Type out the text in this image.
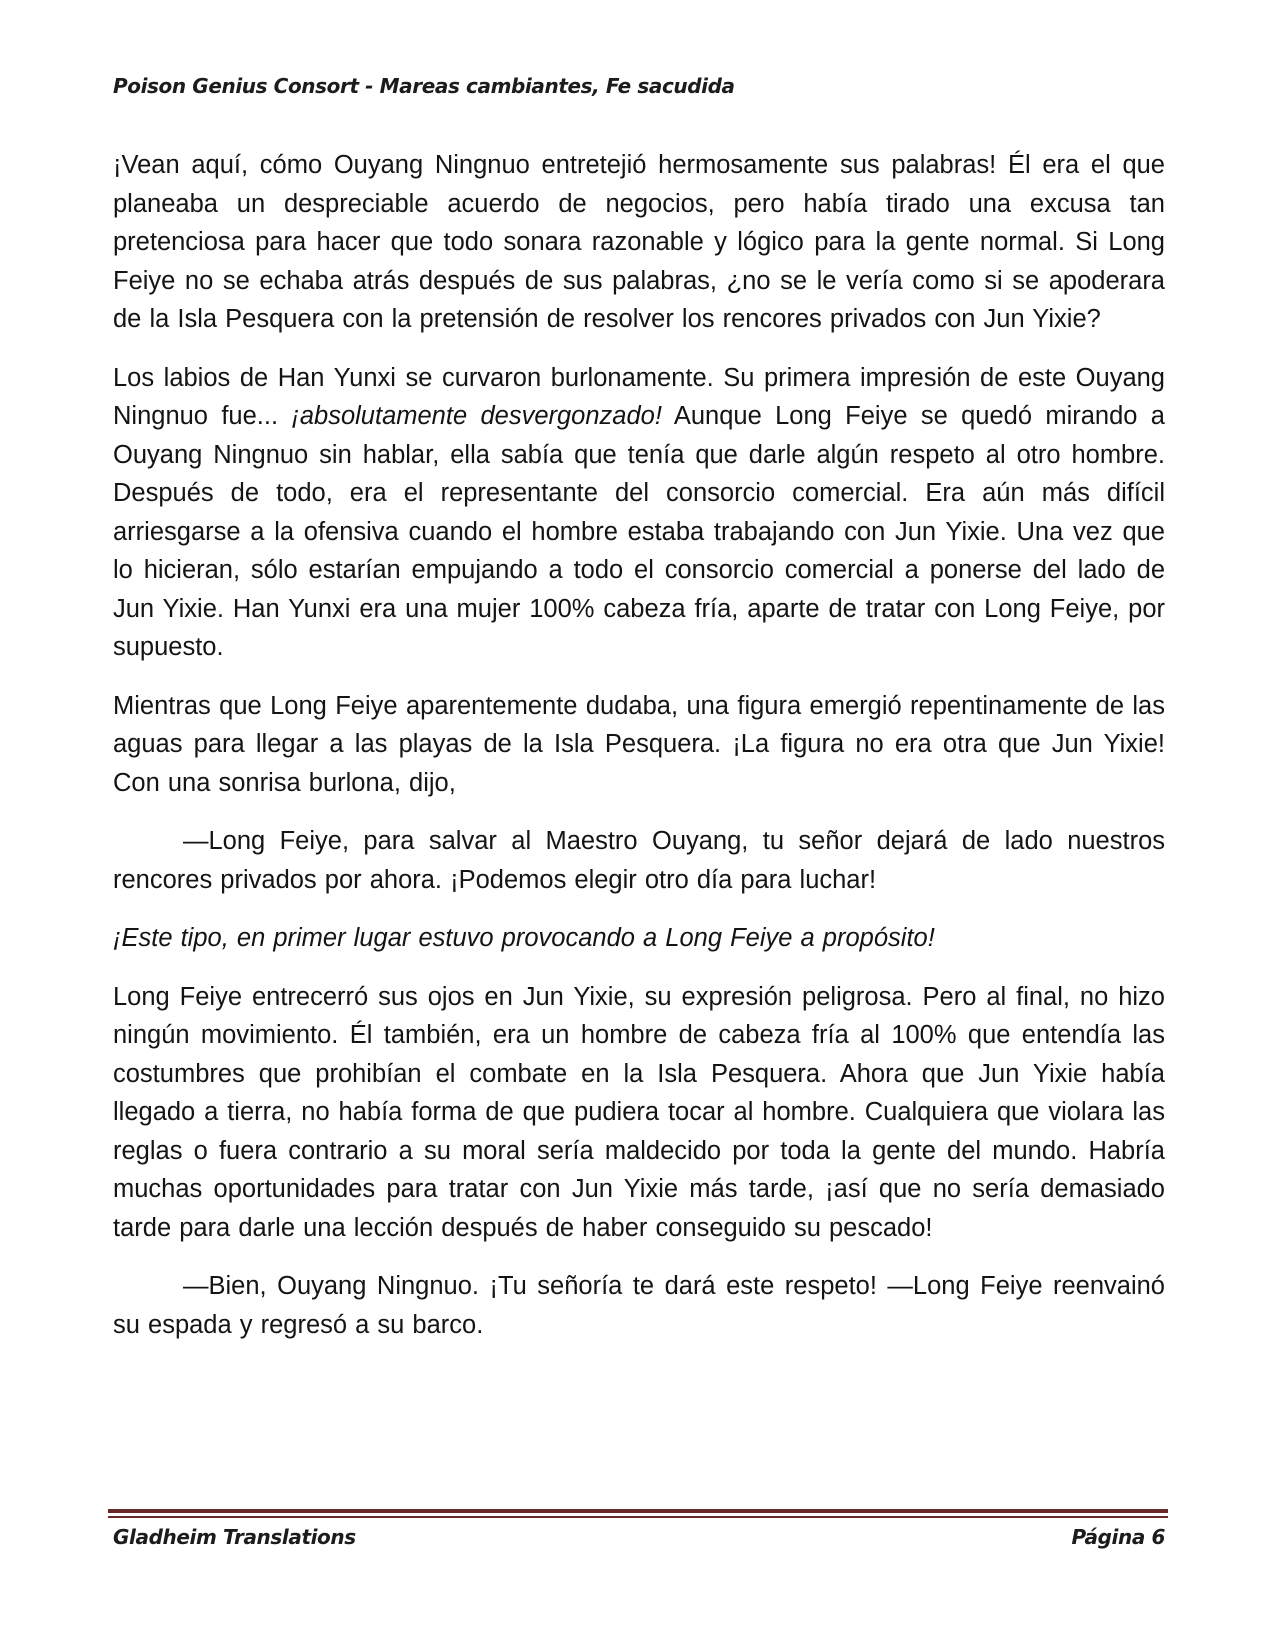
Poison Genius Consort - Mareas cambiantes, Fe sacudida

¡Vean aquí, cómo Ouyang Ningnuo entretejió hermosamente sus palabras! Él era el que planeaba un despreciable acuerdo de negocios, pero había tirado una excusa tan pretenciosa para hacer que todo sonara razonable y lógico para la gente normal. Si Long Feiye no se echaba atrás después de sus palabras, ¿no se le vería como si se apoderara de la Isla Pesquera con la pretensión de resolver los rencores privados con Jun Yixie?

Los labios de Han Yunxi se curvaron burlonamente. Su primera impresión de este Ouyang Ningnuo fue... ¡absolutamente desvergonzado! Aunque Long Feiye se quedó mirando a Ouyang Ningnuo sin hablar, ella sabía que tenía que darle algún respeto al otro hombre. Después de todo, era el representante del consorcio comercial. Era aún más difícil arriesgarse a la ofensiva cuando el hombre estaba trabajando con Jun Yixie. Una vez que lo hicieran, sólo estarían empujando a todo el consorcio comercial a ponerse del lado de Jun Yixie. Han Yunxi era una mujer 100% cabeza fría, aparte de tratar con Long Feiye, por supuesto.

Mientras que Long Feiye aparentemente dudaba, una figura emergió repentinamente de las aguas para llegar a las playas de la Isla Pesquera. ¡La figura no era otra que Jun Yixie! Con una sonrisa burlona, dijo,

—Long Feiye, para salvar al Maestro Ouyang, tu señor dejará de lado nuestros rencores privados por ahora. ¡Podemos elegir otro día para luchar!

¡Este tipo, en primer lugar estuvo provocando a Long Feiye a propósito!

Long Feiye entrecerró sus ojos en Jun Yixie, su expresión peligrosa. Pero al final, no hizo ningún movimiento. Él también, era un hombre de cabeza fría al 100% que entendía las costumbres que prohibían el combate en la Isla Pesquera. Ahora que Jun Yixie había llegado a tierra, no había forma de que pudiera tocar al hombre. Cualquiera que violara las reglas o fuera contrario a su moral sería maldecido por toda la gente del mundo. Habría muchas oportunidades para tratar con Jun Yixie más tarde, ¡así que no sería demasiado tarde para darle una lección después de haber conseguido su pescado!

—Bien, Ouyang Ningnuo. ¡Tu señoría te dará este respeto! —Long Feiye reenvainó su espada y regresó a su barco.

Gladheim Translations	Página 6
